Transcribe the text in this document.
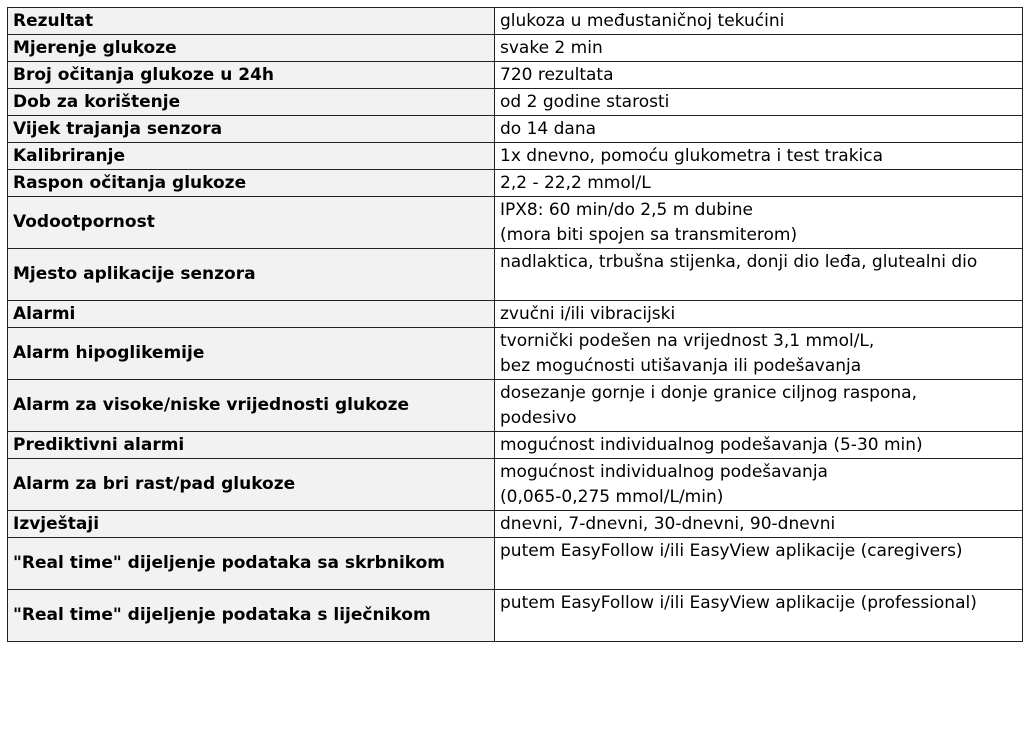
Rezultat	glukoza u međustaničnoj tekućini

Mjerenje glukoze	svake 2 min

Broj očitanja glukoze u 24h	720 rezultata

Dob za korištenje	od 2 godine starosti

Vijek trajanja senzora	do 14 dana

Kalibriranje	1x dnevno, pomoću glukometra i test trakica

Raspon očitanja glukoze	2,2 - 22,2 mmol/L

Vodootpornost	IPX8: 60 min/do 2,5 m dubine
(mora biti spojen sa transmiterom)

Mjesto aplikacije senzora	nadlaktica, trbušna stijenka, donji dio leđa, glutealni dio

Alarmi	zvučni i/ili vibracijski

Alarm hipoglikemije	tvornički podešen na vrijednost 3,1 mmol/L,
bez mogućnosti utišavanja ili podešavanja

Alarm za visoke/niske vrijednosti glukoze	dosezanje gornje i donje granice ciljnog raspona,
podesivo

Prediktivni alarmi	mogućnost individualnog podešavanja (5-30 min)

Alarm za bri rast/pad glukoze	mogućnost individualnog podešavanja
(0,065-0,275 mmol/L/min)

Izvještaji	dnevni, 7-dnevni, 30-dnevni, 90-dnevni

"Real time" dijeljenje podataka sa skrbnikom	putem EasyFollow i/ili EasyView aplikacije (caregivers)

"Real time" dijeljenje podataka s liječnikom	putem EasyFollow i/ili EasyView aplikacije (professional)
